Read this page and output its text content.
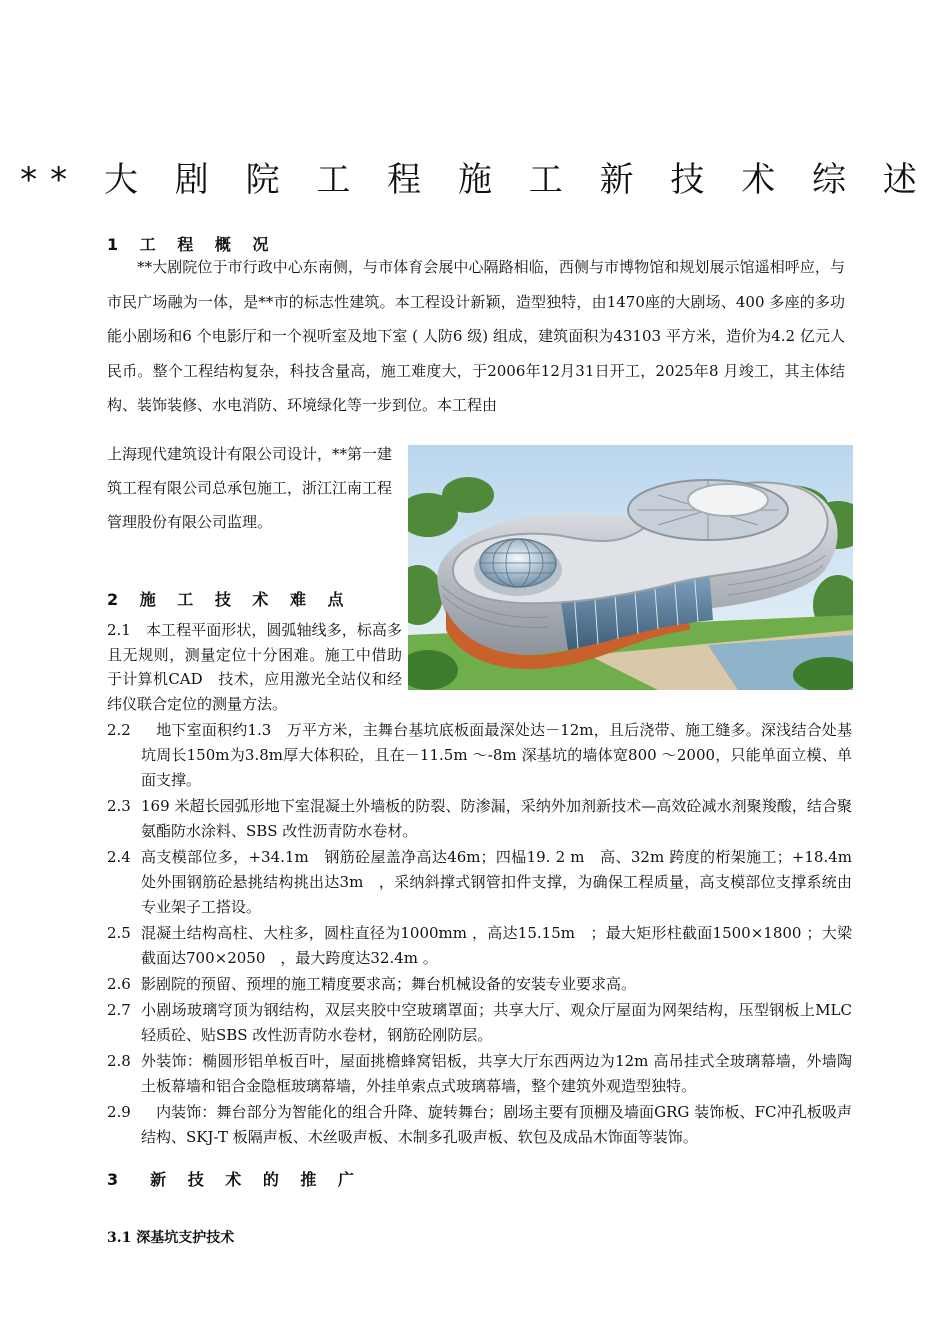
** 大 剧 院 工 程 施 工 新 技 术 综 述
1 工 程 概 况
　　**大剧院位于市行政中心东南侧，与市体育会展中心隔路相临，西侧与市博物馆和规划展示馆遥相呼应，与市民广场融为一体，是**市的标志性建筑。本工程设计新颖，造型独特，由1470座的大剧场、400 多座的多功能小剧场和6 个电影厅和一个视听室及地下室 ( 人防6 级) 组成，建筑面积为43103 平方米，造价为4.2 亿元人民币。整个工程结构复杂，科技含量高，施工难度大，于2006年12月31日开工，2025年8 月竣工，其主体结构、装饰装修、水电消防、环境绿化等一步到位。本工程由
上海现代建筑设计有限公司设计，**第一建筑工程有限公司总承包施工，浙江江南工程管理股份有限公司监理。
2 施 工 技 术 难 点
2.1　本工程平面形状，圆弧轴线多，标高多且无规则，测量定位十分困难。施工中借助于计算机CAD　技术，应用激光全站仪和经纬仪联合定位的测量方法。
2.2 　地下室面积约1.3　万平方米，主舞台基坑底板面最深处达－12m，且后浇带、施工缝多。深浅结合处基坑周长150m为3.8m厚大体积砼，且在－11.5m ～-8m 深基坑的墙体宽800 ～2000，只能单面立模、单面支撑。
2.3 169 米超长园弧形地下室混凝土外墙板的防裂、防渗漏，采纳外加剂新技术—高效砼减水剂聚羧酸，结合聚氨酯防水涂料、SBS 改性沥青防水卷材。
2.4 高支模部位多，+34.1m　钢筋砼屋盖净高达46m；四榀19. 2 m　高、32m 跨度的桁架施工；+18.4m　处外围钢筋砼悬挑结构挑出达3m　，采纳斜撑式钢管扣件支撑，为确保工程质量，高支模部位支撑系统由专业架子工搭设。
2.5 混凝土结构高柱、大柱多，圆柱直径为1000mm ，高达15.15m　；最大矩形柱截面1500×1800 ；大梁截面达700×2050　，最大跨度达32.4m 。
2.6 影剧院的预留、预埋的施工精度要求高；舞台机械设备的安装专业要求高。
2.7 小剧场玻璃穹顶为钢结构，双层夹胶中空玻璃罩面；共享大厅、观众厅屋面为网架结构，压型钢板上MLC 轻质砼、贴SBS 改性沥青防水卷材，钢筋砼刚防层。
2.8 外装饰：椭圆形铝单板百叶，屋面挑檐蜂窝铝板，共享大厅东西两边为12m 高吊挂式全玻璃幕墙，外墙陶土板幕墙和铝合金隐框玻璃幕墙，外挂单索点式玻璃幕墙，整个建筑外观造型独特。
2.9 　内装饰：舞台部分为智能化的组合升降、旋转舞台；剧场主要有顶棚及墙面GRG 装饰板、FC冲孔板吸声结构、SKJ-T 板隔声板、木丝吸声板、木制多孔吸声板、软包及成品木饰面等装饰。
3　新 技 术 的 推 广
3.1 深基坑支护技术
